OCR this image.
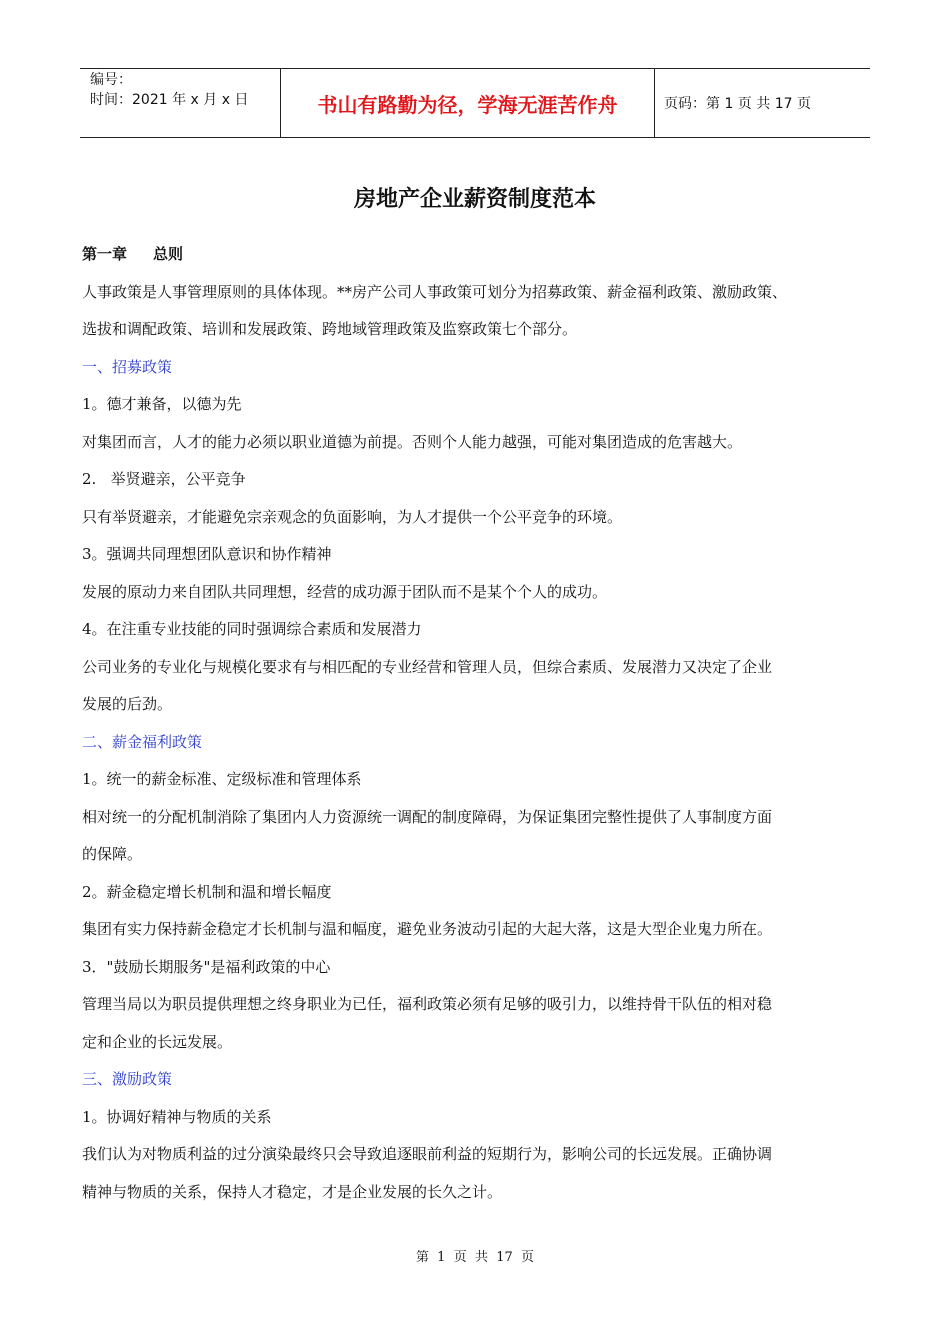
编号：
时间：2021 年 x 月 x 日	书山有路勤为径，学海无涯苦作舟	页码：第 1 页 共 17 页
房地产企业薪资制度范本
第一章 总则
人事政策是人事管理原则的具体体现。**房产公司人事政策可划分为招募政策、薪金福利政策、激励政策、
选拔和调配政策、培训和发展政策、跨地域管理政策及监察政策七个部分。
一、招募政策
1。德才兼备，以德为先
对集团而言，人才的能力必须以职业道德为前提。否则个人能力越强，可能对集团造成的危害越大。
2.   举贤避亲，公平竞争
只有举贤避亲，才能避免宗亲观念的负面影响，为人才提供一个公平竞争的环境。
3。强调共同理想团队意识和协作精神
发展的原动力来自团队共同理想，经营的成功源于团队而不是某个个人的成功。
4。在注重专业技能的同时强调综合素质和发展潜力
公司业务的专业化与规模化要求有与相匹配的专业经营和管理人员，但综合素质、发展潜力又决定了企业
发展的后劲。
二、薪金福利政策
1。统一的薪金标准、定级标准和管理体系
相对统一的分配机制消除了集团内人力资源统一调配的制度障碍，为保证集团完整性提供了人事制度方面
的保障。
2。薪金稳定增长机制和温和增长幅度
集团有实力保持薪金稳定才长机制与温和幅度，避免业务波动引起的大起大落，这是大型企业鬼力所在。
3．"鼓励长期服务"是福利政策的中心
管理当局以为职员提供理想之终身职业为已任，福利政策必须有足够的吸引力，以维持骨干队伍的相对稳
定和企业的长远发展。
三、激励政策
1。协调好精神与物质的关系
我们认为对物质利益的过分演染最终只会导致追逐眼前利益的短期行为，影响公司的长远发展。正确协调
精神与物质的关系，保持人才稳定，才是企业发展的长久之计。
第  1  页  共  17  页
